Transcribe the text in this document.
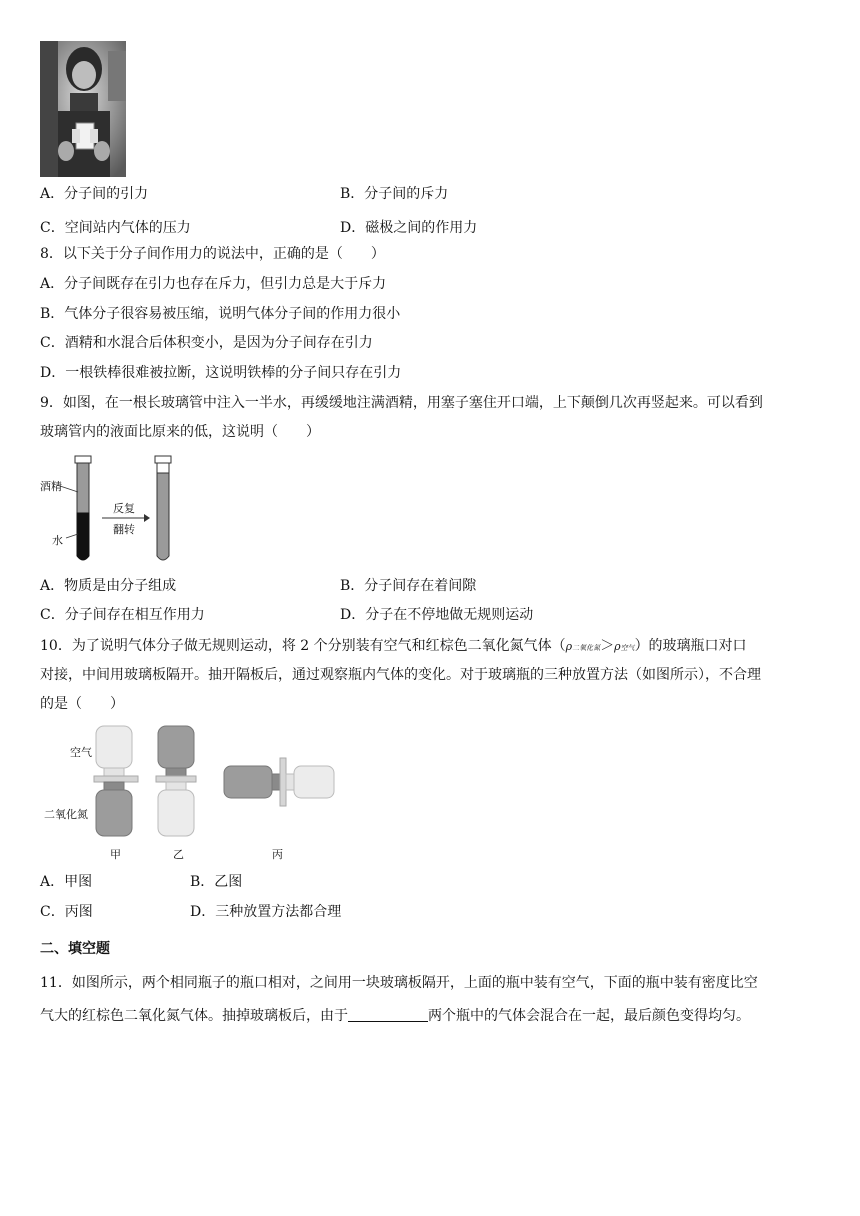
A．分子间的引力	B．分子间的斥力
C．空间站内气体的压力	D．磁极之间的作用力
8．以下关于分子间作用力的说法中，正确的是（　　）
A．分子间既存在引力也存在斥力，但引力总是大于斥力
B．气体分子很容易被压缩，说明气体分子间的作用力很小
C．酒精和水混合后体积变小，是因为分子间存在引力
D．一根铁棒很难被拉断，这说明铁棒的分子间只存在引力
9．如图，在一根长玻璃管中注入一半水，再缓缓地注满酒精，用塞子塞住开口端，上下颠倒几次再竖起来。可以看到
玻璃管内的液面比原来的低，这说明（　　）
酒精
水
反复
翻转
A．物质是由分子组成	B．分子间存在着间隙
C．分子间存在相互作用力	D．分子在不停地做无规则运动
10．为了说明气体分子做无规则运动，将 2 个分别装有空气和红棕色二氧化氮气体（ρ二氧化氮＞ρ空气）的玻璃瓶口对口
对接，中间用玻璃板隔开。抽开隔板后，通过观察瓶内气体的变化。对于玻璃瓶的三种放置方法（如图所示），不合理
的是（　　）
空气
二氧化氮
甲	乙	丙
A．甲图	B．乙图
C．丙图	D．三种放置方法都合理
二、填空题
11．如图所示，两个相同瓶子的瓶口相对，之间用一块玻璃板隔开，上面的瓶中装有空气，下面的瓶中装有密度比空
气大的红棕色二氧化氮气体。抽掉玻璃板后，由于	两个瓶中的气体会混合在一起，最后颜色变得均匀。
